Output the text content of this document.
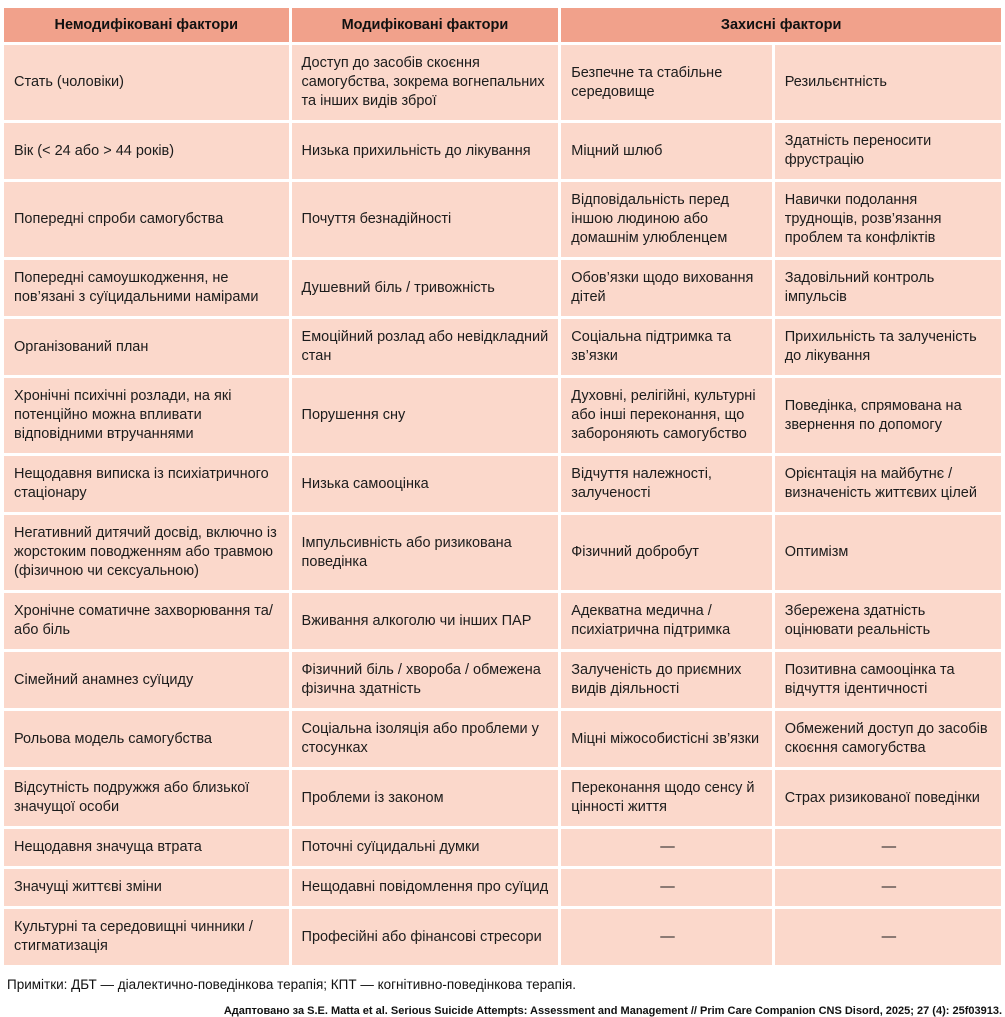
Немодифіковані фактори	Модифіковані фактори	Захисні фактори	
Стать (чоловіки)	Доступ до засобів скоєння самогубства, зокрема вогнепальних та інших видів зброї	Безпечне та стабільне середовище	Резильєнтність
Вік (< 24 або > 44 років)	Низька прихильність до лікування	Міцний шлюб	Здатність переносити фрустрацію
Попередні спроби самогубства	Почуття безнадійності	Відповідальність перед іншою людиною або домашнім улюбленцем	Навички подолання труднощів, розв’язання проблем та конфліктів
Попередні самоушкодження, не пов’язані з суїцидальними намірами	Душевний біль / тривожність	Обов’язки щодо виховання дітей	Задовільний контроль імпульсів
Організований план	Емоційний розлад або невідкладний стан	Соціальна підтримка та зв’язки	Прихильність та залученість до лікування
Хронічні психічні розлади, на які потенційно можна впливати відповідними втручаннями	Порушення сну	Духовні, релігійні, культурні або інші переконання, що забороняють самогубство	Поведінка, спрямована на звернення по допомогу
Нещодавня виписка із психіатричного стаціонару	Низька самооцінка	Відчуття належності, залученості	Орієнтація на майбутнє / визначеність життєвих цілей
Негативний дитячий досвід, включно із жорстоким поводженням або травмою (фізичною чи сексуальною)	Імпульсивність або ризикована поведінка	Фізичний добробут	Оптимізм
Хронічне соматичне захворювання та/або біль	Вживання алкоголю чи інших ПАР	Адекватна медична / психіатрична підтримка	Збережена здатність оцінювати реальність
Сімейний анамнез суїциду	Фізичний біль / хвороба / обмежена фізична здатність	Залученість до приємних видів діяльності	Позитивна самооцінка та відчуття ідентичності
Рольова модель самогубства	Соціальна ізоляція або проблеми у стосунках	Міцні міжособистісні зв’язки	Обмежений доступ до засобів скоєння самогубства
Відсутність подружжя або близької значущої особи	Проблеми із законом	Переконання щодо сенсу й цінності життя	Страх ризикованої поведінки
Нещодавня значуща втрата	Поточні суїцидальні думки	—	—
Значущі життєві зміни	Нещодавні повідомлення про суїцид	—	—
Культурні та середовищні чинники / стигматизація	Професійні або фінансові стресори	—	—
Примітки: ДБТ — діалектично-поведінкова терапія; КПТ — когнітивно-поведінкова терапія.
Адаптовано за S.E. Matta et al. Serious Suicide Attempts: Assessment and Management // Prim Care Companion CNS Disord, 2025; 27 (4): 25f03913.
